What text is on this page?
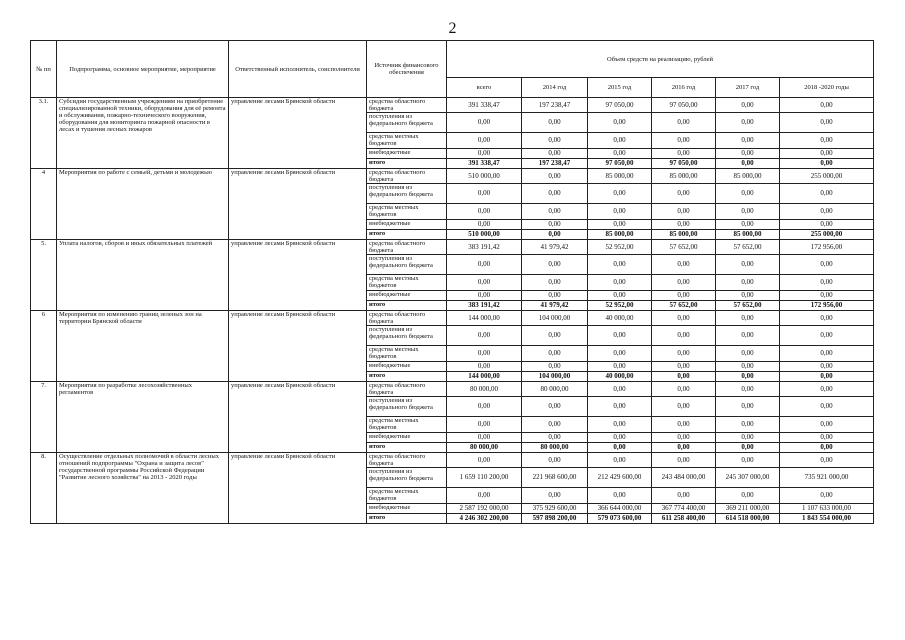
2
№ пп	Подпрограмма, основное мероприятие, мероприятие	Ответственный исполнитель, соисполнители	Источник финансового обеспечения	Объем средств на реализацию, рублей					
				всего	2014 год	2015 год	2016 год	2017 год	2018 -2020 годы
3.1.	Субсидии государственным учреждениям на приобретение специализированной техники, оборудования для её ремонта и обслуживания, пожарно-технического вооружения, оборудования для мониторинга пожарной опасности в лесах и тушения лесных пожаров	управление лесами Брянской области	средства областного бюджета	391 338,47	197 238,47	97 050,00	97 050,00	0,00	0,00
			поступления из федерального бюджета	0,00	0,00	0,00	0,00	0,00	0,00
			средства местных бюджетов	0,00	0,00	0,00	0,00	0,00	0,00
			внебюджетные	0,00	0,00	0,00	0,00	0,00	0,00
			итого	391 338,47	197 238,47	97 050,00	97 050,00	0,00	0,00
4	Мероприятия по работе с семьей, детьми и молодежью	управление лесами Брянской области	средства областного бюджета	510 000,00	0,00	85 000,00	85 000,00	85 000,00	255 000,00
			поступления из федерального бюджета	0,00	0,00	0,00	0,00	0,00	0,00
			средства местных бюджетов	0,00	0,00	0,00	0,00	0,00	0,00
			внебюджетные	0,00	0,00	0,00	0,00	0,00	0,00
			итого	510 000,00	0,00	85 000,00	85 000,00	85 000,00	255 000,00
5.	Уплата налогов, сборов и иных обязательных платежей	управление лесами Брянской области	средства областного бюджета	383 191,42	41 979,42	52 952,00	57 652,00	57 652,00	172 956,00
			поступления из федерального бюджета	0,00	0,00	0,00	0,00	0,00	0,00
			средства местных бюджетов	0,00	0,00	0,00	0,00	0,00	0,00
			внебюджетные	0,00	0,00	0,00	0,00	0,00	0,00
			итого	383 191,42	41 979,42	52 952,00	57 652,00	57 652,00	172 956,00
6	Мероприятия по изменению границ зеленых зон на территории Брянской области	управление лесами Брянской области	средства областного бюджета	144 000,00	104 000,00	40 000,00	0,00	0,00	0,00
			поступления из федерального бюджета	0,00	0,00	0,00	0,00	0,00	0,00
			средства местных бюджетов	0,00	0,00	0,00	0,00	0,00	0,00
			внебюджетные	0,00	0,00	0,00	0,00	0,00	0,00
			итого	144 000,00	104 000,00	40 000,00	0,00	0,00	0,00
7.	Мероприятия по разработке лесохозяйственных регламентов	управление лесами Брянской области	средства областного бюджета	80 000,00	80 000,00	0,00	0,00	0,00	0,00
			поступления из федерального бюджета	0,00	0,00	0,00	0,00	0,00	0,00
			средства местных бюджетов	0,00	0,00	0,00	0,00	0,00	0,00
			внебюджетные	0,00	0,00	0,00	0,00	0,00	0,00
			итого	80 000,00	80 000,00	0,00	0,00	0,00	0,00
8.	Осуществление отдельных полномочий в области лесных отношений подпрограммы "Охрана и защита лесов" государственной программы Российской Федерации "Развитие лесного хозяйства" на 2013 - 2020 годы	управление лесами Брянской области	средства областного бюджета	0,00	0,00	0,00	0,00	0,00	0,00
			поступления из федерального бюджета	1 659 110 200,00	221 968 600,00	212 429 600,00	243 484 000,00	245 307 000,00	735 921 000,00
			средства местных бюджетов	0,00	0,00	0,00	0,00	0,00	0,00
			внебюджетные	2 587 192 000,00	375 929 600,00	366 644 000,00	367 774 400,00	369 211 000,00	1 107 633 000,00
			итого	4 246 302 200,00	597 898 200,00	579 073 600,00	611 258 400,00	614 518 000,00	1 843 554 000,00
